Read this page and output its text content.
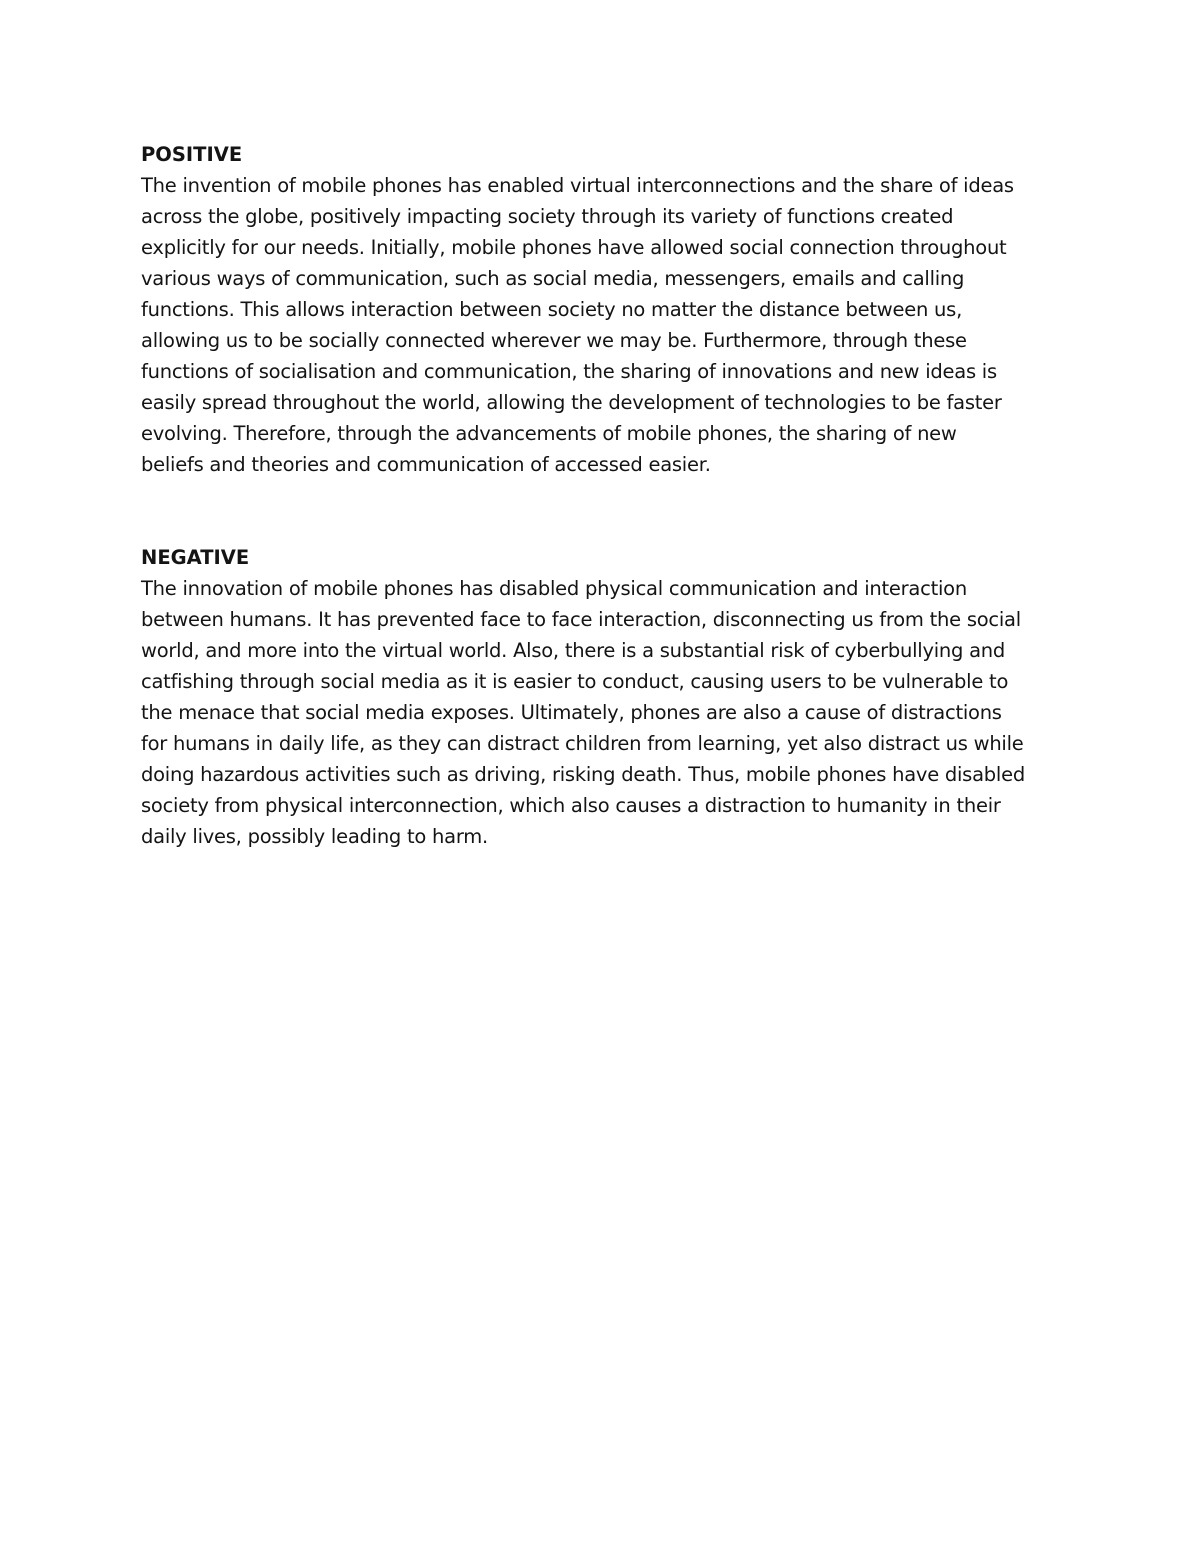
POSITIVE

The invention of mobile phones has enabled virtual interconnections and the share of ideas
across the globe, positively impacting society through its variety of functions created
explicitly for our needs. Initially, mobile phones have allowed social connection throughout
various ways of communication, such as social media, messengers, emails and calling
functions. This allows interaction between society no matter the distance between us,
allowing us to be socially connected wherever we may be. Furthermore, through these
functions of socialisation and communication, the sharing of innovations and new ideas is
easily spread throughout the world, allowing the development of technologies to be faster
evolving. Therefore, through the advancements of mobile phones, the sharing of new
beliefs and theories and communication of accessed easier.

NEGATIVE

The innovation of mobile phones has disabled physical communication and interaction
between humans. It has prevented face to face interaction, disconnecting us from the social
world, and more into the virtual world. Also, there is a substantial risk of cyberbullying and
catfishing through social media as it is easier to conduct, causing users to be vulnerable to
the menace that social media exposes. Ultimately, phones are also a cause of distractions
for humans in daily life, as they can distract children from learning, yet also distract us while
doing hazardous activities such as driving, risking death. Thus, mobile phones have disabled
society from physical interconnection, which also causes a distraction to humanity in their
daily lives, possibly leading to harm.
